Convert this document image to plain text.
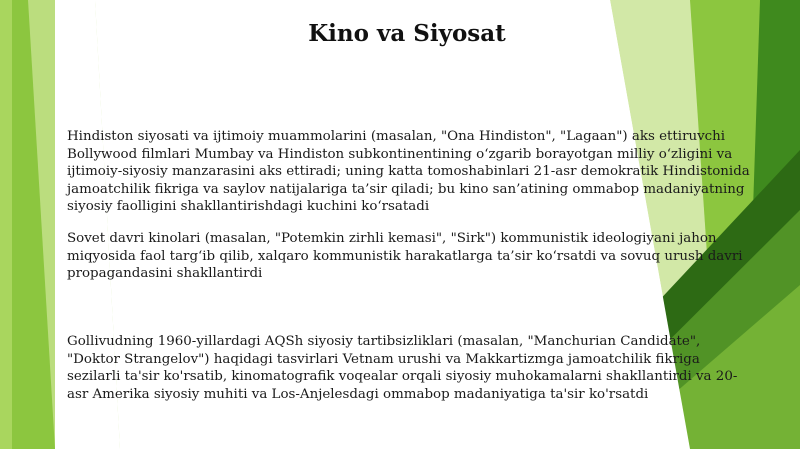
Kino va Siyosat

Hindiston siyosati va ijtimoiy muammolarini (masalan, "Ona Hindiston", "Lagaan") aks ettiruvchi Bollywood filmlari Mumbay va Hindiston subkontinentining o‘zgarib borayotgan milliy o‘zligini va ijtimoiy-siyosiy manzarasini aks ettiradi; uning katta tomoshabinlari 21-asr demokratik Hindistonida jamoatchilik fikriga va saylov natijalariga ta’sir qiladi; bu kino san’atining ommabop madaniyatning siyosiy faolligini shakllantirishdagi kuchini ko‘rsatadi

Sovet davri kinolari (masalan, "Potemkin zirhli kemasi", "Sirk") kommunistik ideologiyani jahon miqyosida faol targ‘ib qilib, xalqaro kommunistik harakatlarga ta’sir ko‘rsatdi va sovuq urush davri propagandasini shakllantirdi

Gollivudning 1960-yillardagi AQSh siyosiy tartibsizliklari (masalan, "Manchurian Candidate", "Doktor Strangelov") haqidagi tasvirlari Vetnam urushi va Makkartizmga jamoatchilik fikriga sezilarli ta'sir ko'rsatib, kinomatografik voqealar orqali siyosiy muhokamalarni shakllantirdi va 20-asr Amerika siyosiy muhiti va Los-Anjelesdagi ommabop madaniyatiga ta'sir ko'rsatdi
